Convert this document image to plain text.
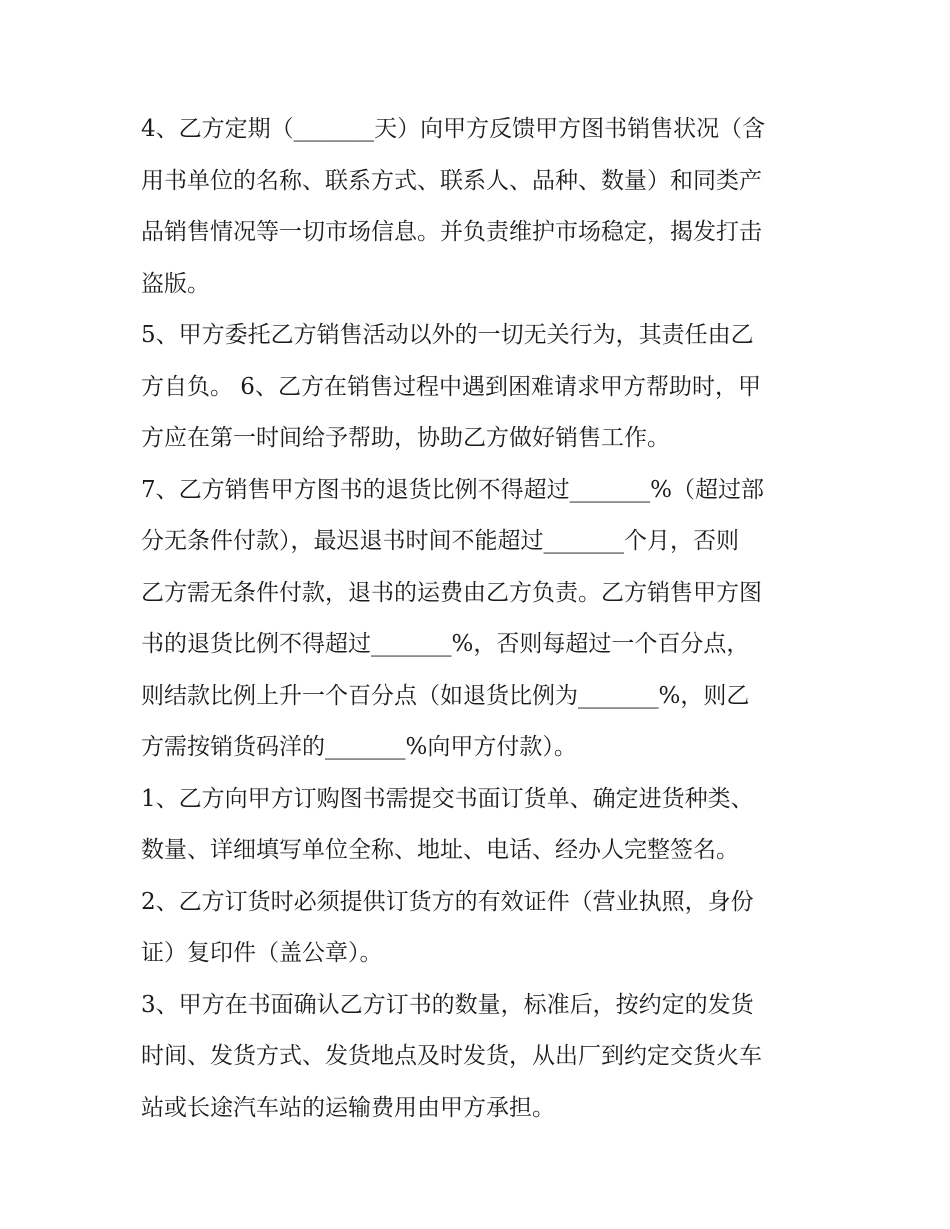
4、乙方定期（_______天）向甲方反馈甲方图书销售状况（含
用书单位的名称、联系方式、联系人、品种、数量）和同类产
品销售情况等一切市场信息。并负责维护市场稳定，揭发打击
盗版。
5、甲方委托乙方销售活动以外的一切无关行为，其责任由乙
方自负。 6、乙方在销售过程中遇到困难请求甲方帮助时，甲
方应在第一时间给予帮助，协助乙方做好销售工作。
7、乙方销售甲方图书的退货比例不得超过_______%（超过部
分无条件付款），最迟退书时间不能超过_______个月，否则
乙方需无条件付款，退书的运费由乙方负责。乙方销售甲方图
书的退货比例不得超过_______%，否则每超过一个百分点，
则结款比例上升一个百分点（如退货比例为_______%，则乙
方需按销货码洋的_______%向甲方付款）。
1、乙方向甲方订购图书需提交书面订货单、确定进货种类、
数量、详细填写单位全称、地址、电话、经办人完整签名。
2、乙方订货时必须提供订货方的有效证件（营业执照，身份
证）复印件（盖公章）。
3、甲方在书面确认乙方订书的数量，标准后，按约定的发货
时间、发货方式、发货地点及时发货，从出厂到约定交货火车
站或长途汽车站的运输费用由甲方承担。
